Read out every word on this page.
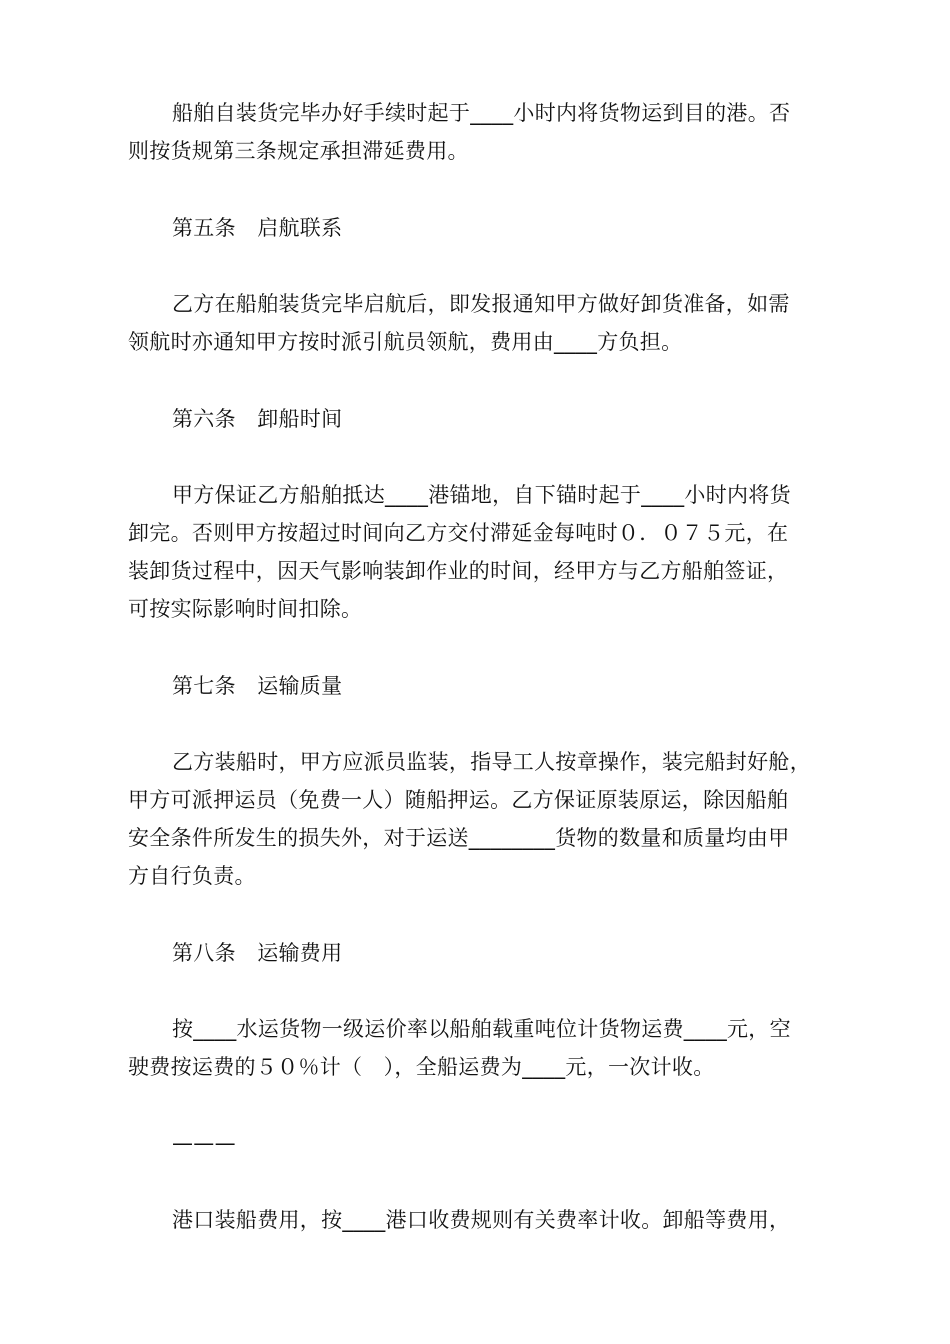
船舶自装货完毕办好手续时起于____小时内将货物运到目的港。否
则按货规第三条规定承担滞延费用。
第五条　启航联系
乙方在船舶装货完毕启航后，即发报通知甲方做好卸货准备，如需
领航时亦通知甲方按时派引航员领航，费用由____方负担。
第六条　卸船时间
甲方保证乙方船舶抵达____港锚地，自下锚时起于____小时内将货
卸完。否则甲方按超过时间向乙方交付滞延金每吨时０．０７５元，在
装卸货过程中，因天气影响装卸作业的时间，经甲方与乙方船舶签证，
可按实际影响时间扣除。
第七条　运输质量
乙方装船时，甲方应派员监装，指导工人按章操作，装完船封好舱，
甲方可派押运员（免费一人）随船押运。乙方保证原装原运，除因船舶
安全条件所发生的损失外，对于运送________货物的数量和质量均由甲
方自行负责。
第八条　运输费用
按____水运货物一级运价率以船舶载重吨位计货物运费____元，空
驶费按运费的５０％计（　），全船运费为____元，一次计收。
———
港口装船费用，按____港口收费规则有关费率计收。卸船等费用，
